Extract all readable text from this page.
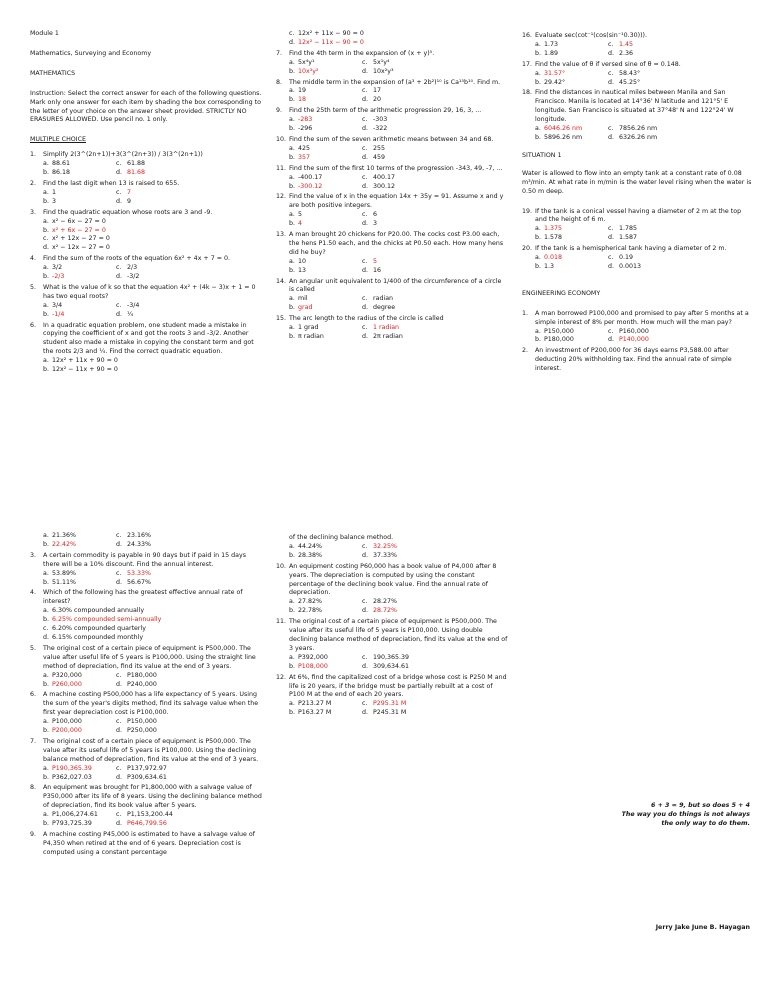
Module 1

Mathematics, Surveying and Economy

MATHEMATICS

Instruction: Select the correct answer for each of the following questions. Mark only one answer for each item by shading the box corresponding to the letter of your choice on the answer sheet provided. STRICTLY NO ERASURES ALLOWED. Use pencil no. 1 only.

MULTIPLE CHOICE

1.	Simplify 2(3^(2n+1))+3(3^(2n+3)) / 3(3^(2n+1))
a. 88.61	c. 61.88
b. 86.18	d. 81.68
2.	Find the last digit when 13 is raised to 655.
a. 1	c. 7
b. 3	d. 9
3.	Find the quadratic equation whose roots are 3 and -9.
a. x² − 6x − 27 = 0
b. x² + 6x − 27 = 0
c. x² + 12x − 27 = 0
d. x² − 12x − 27 = 0
4.	Find the sum of the roots of the equation 6x² + 4x + 7 = 0.
a. 3/2	c. 2/3
b. -2/3	d. -3/2
5.	What is the value of k so that the equation 4x² + (4k − 3)x + 1 = 0 has two equal roots?
a. 3/4	c. -3/4
b. -1/4	d. ¼
6.	In a quadratic equation problem, one student made a mistake in copying the coefficient of x and got the roots 3 and -3/2. Another student also made a mistake in copying the constant term and got the roots 2/3 and ¼. Find the correct quadratic equation.
a. 12x² + 11x + 90 = 0
b. 12x² − 11x + 90 = 0
c. 12x² + 11x − 90 = 0
d. 12x² − 11x − 90 = 0
7.	Find the 4th term in the expansion of (x + y)⁵.
a. 5x⁴y¹	c. 5x¹y⁴
b. 10x³y²	d. 10x²y³
8.	The middle term in the expansion of (a³ + 2b²)¹⁰ is Ca¹⁵b¹⁰. Find m.
a. 19	c. 17
b. 18	d. 20
9.	Find the 25th term of the arithmetic progression 29, 16, 3, ...
a. -283	c. -303
b. -296	d. -322
10. Find the sum of the seven arithmetic means between 34 and 68.
a. 425	c. 255
b. 357	d. 459
11. Find the sum of the first 10 terms of the progression -343, 49, -7, ...
a. -400.17	c. 400.17
b. -300.12	d. 300.12
12. Find the value of x in the equation 14x + 35y = 91. Assume x and y are both positive integers.
a. 5	c. 6
b. 4	d. 3
13. A man brought 20 chickens for P20.00. The cocks cost P3.00 each, the hens P1.50 each, and the chicks at P0.50 each. How many hens did he buy?
a. 10	c. 5
b. 13	d. 16
14. An angular unit equivalent to 1/400 of the circumference of a circle is called
a. mil	c. radian
b. grad	d. degree
15. The arc length to the radius of the circle is called
a. 1 grad	c. 1 radian
b. π radian	d. 2π radian
16. Evaluate sec(cot⁻¹(cos(sin⁻¹0.30))).
a. 1.73	c. 1.45
b. 1.89	d. 2.36
17. Find the value of θ if versed sine of θ = 0.148.
a. 31.57°	c. 58.43°
b. 29.42°	d. 45.25°
18. Find the distances in nautical miles between Manila and San Francisco. Manila is located at 14°36' N latitude and 121°5' E longitude. San Francisco is situated at 37°48' N and 122°24' W longitude.
a. 6046.26 nm	c. 7856.26 nm
b. 5896.26 nm	d. 6326.26 nm

SITUATION 1

Water is allowed to flow into an empty tank at a constant rate of 0.08 m³/min. At what rate in m/min is the water level rising when the water is 0.50 m deep.

19. If the tank is a conical vessel having a diameter of 2 m at the top and the height of 6 m.
a. 1.375	c. 1.785
b. 1.578	d. 1.587
20. If the tank is a hemispherical tank having a diameter of 2 m.
a. 0.018	c. 0.19
b. 1.3	d. 0.0013

ENGINEERING ECONOMY

1.	A man borrowed P100,000 and promised to pay after 5 months at a simple interest of 8% per month. How much will the man pay?
a. P150,000	c. P160,000
b. P180,000	d. P140,000
2.	An investment of P200,000 for 36 days earns P3,588.00 after deducting 20% withholding tax. Find the annual rate of simple interest.
a. 21.36%	c. 23.16%
b. 22.42%	d. 24.33%
3.	A certain commodity is payable in 90 days but if paid in 15 days there will be a 10% discount. Find the annual interest.
a. 53.89%	c. 53.33%
b. 51.11%	d. 56.67%
4.	Which of the following has the greatest effective annual rate of interest?
a. 6.30% compounded annually
b. 6.25% compounded semi-annually
c. 6.20% compounded quarterly
d. 6.15% compounded monthly
5.	The original cost of a certain piece of equipment is P500,000. The value after useful life of 5 years is P100,000. Using the straight line method of depreciation, find its value at the end of 3 years.
a. P320,000	c. P180,000
b. P260,000	d. P240,000
6.	A machine costing P500,000 has a life expectancy of 5 years. Using the sum of the year's digits method, find its salvage value when the first year depreciation cost is P100,000.
a. P100,000	c. P150,000
b. P200,000	d. P250,000
7.	The original cost of a certain piece of equipment is P500,000. The value after its useful life of 5 years is P100,000. Using the declining balance method of depreciation, find its value at the end of 3 years.
a. P190,365.39	c. P137,972.97
b. P362,027.03	d. P309,634.61
8.	An equipment was brought for P1,800,000 with a salvage value of P350,000 after its life of 8 years. Using the declining balance method of depreciation, find its book value after 5 years.
a. P1,006,274.61	c. P1,153,200.44
b. P793,725.39	d. P646,799.56
9.	A machine costing P45,000 is estimated to have a salvage value of P4,350 when retired at the end of 6 years. Depreciation cost is computed using a constant percentage
of the declining balance method.
a. 44.24%	c. 32.25%
b. 28.38%	d. 37.33%
10. An equipment costing P60,000 has a book value of P4,000 after 8 years. The depreciation is computed by using the constant percentage of the declining book value. Find the annual rate of depreciation.
a. 27.82%	c. 28.27%
b. 22.78%	d. 28.72%
11. The original cost of a certain piece of equipment is P500,000. The value after its useful life of 5 years is P100,000. Using double declining balance method of depreciation, find its value at the end of 3 years.
a. P392,000	c. 190,365.39
b. P108,000	d. 309,634.61
12. At 6%, find the capitalized cost of a bridge whose cost is P250 M and life is 20 years, if the bridge must be partially rebuilt at a cost of P100 M at the end of each 20 years.
a. P213.27 M	c. P295.31 M
b. P163.27 M	d. P245.31 M

6 + 3 = 9, but so does 5 + 4

The way you do things is not always

the only way to do them.

Jerry Jake June B. Hayagan
